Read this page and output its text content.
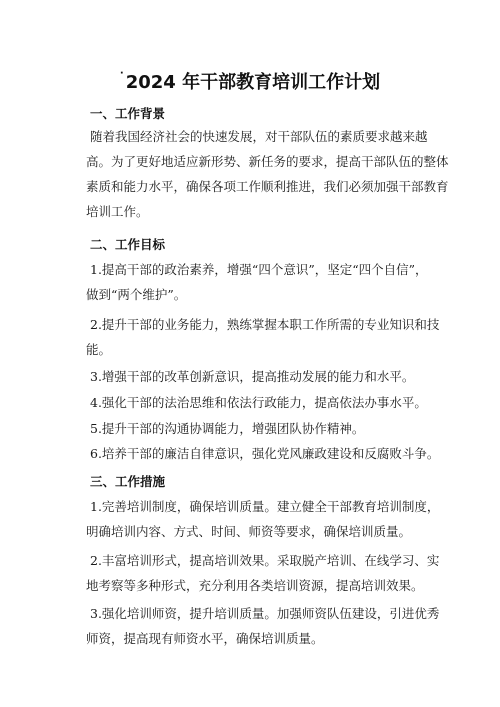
· 2024 年干部教育培训工作计划
一、工作背景

随着我国经济社会的快速发展，对干部队伍的素质要求越来越
高。为了更好地适应新形势、新任务的要求，提高干部队伍的整体
素质和能力水平，确保各项工作顺利推进，我们必须加强干部教育
培训工作。

二、工作目标

1.提高干部的政治素养，增强“四个意识”，坚定“四个自信”，
做到“两个维护”。

2.提升干部的业务能力，熟练掌握本职工作所需的专业知识和技
能。

3.增强干部的改革创新意识，提高推动发展的能力和水平。

4.强化干部的法治思维和依法行政能力，提高依法办事水平。

5.提升干部的沟通协调能力，增强团队协作精神。

6.培养干部的廉洁自律意识，强化党风廉政建设和反腐败斗争。

三、工作措施

1.完善培训制度，确保培训质量。建立健全干部教育培训制度，
明确培训内容、方式、时间、师资等要求，确保培训质量。

2.丰富培训形式，提高培训效果。采取脱产培训、在线学习、实
地考察等多种形式，充分利用各类培训资源，提高培训效果。

3.强化培训师资，提升培训质量。加强师资队伍建设，引进优秀
师资，提高现有师资水平，确保培训质量。
